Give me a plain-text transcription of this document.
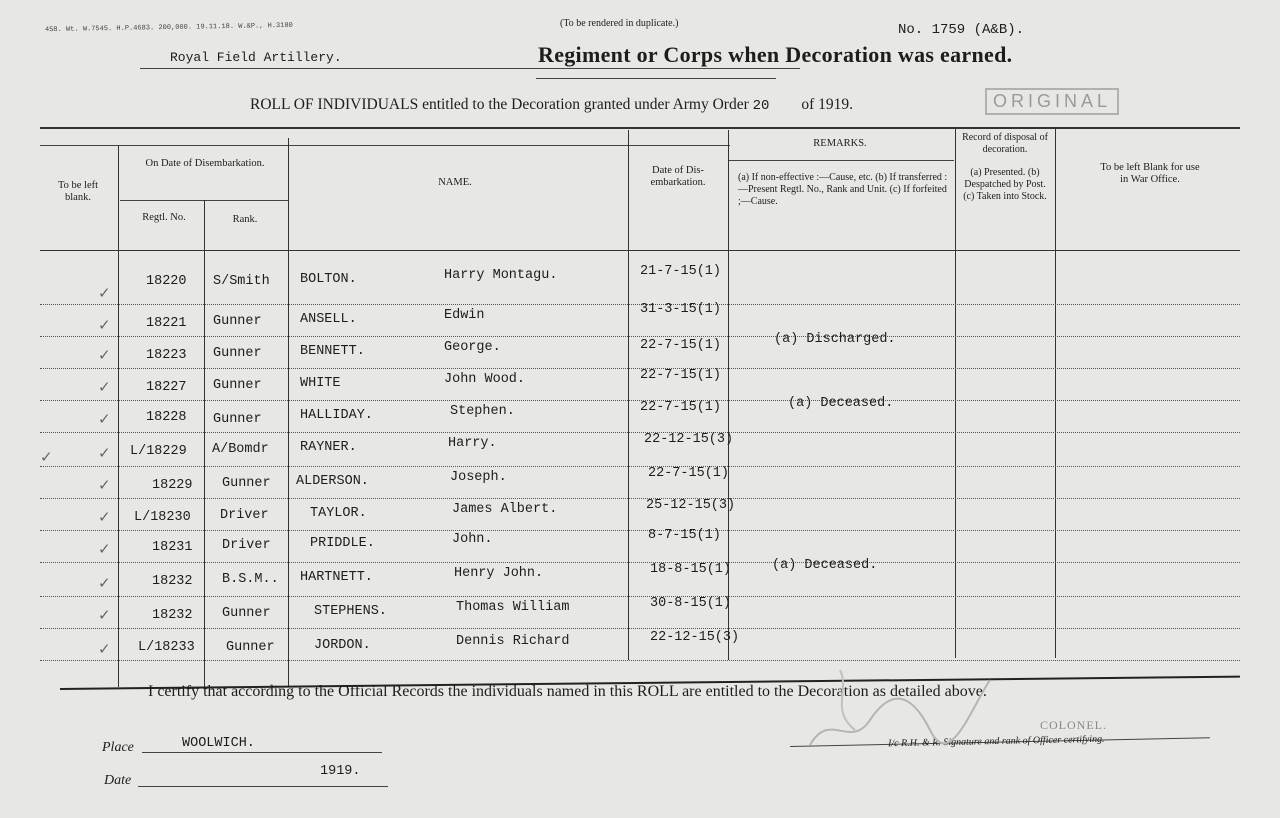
458. Wt. W.7545. H.P.4683. 200,000. 19.11.18. W.&P., H.3180	(To be rendered in duplicate.)	No. 1759 (A&B).
Royal Field Artillery.	Regiment or Corps when Decoration was earned.
ROLL OF INDIVIDUALS entitled to the Decoration granted under Army Order 20 of 1919.	ORIGINAL
To be left blank.
On Date of Disembarkation.
Regtl. No.	Rank.
NAME.
Date of Dis- embarkation.
REMARKS.
(a) If non-effective :—Cause, etc. (b) If transferred :—Present Regtl. No., Rank and Unit. (c) If forfeited ;—Cause.
Record of disposal of decoration.
(a) Presented. (b) Despatched by Post. (c) Taken into Stock.
To be left Blank for use in War Office.
✓
18220 S/Smith BOLTON.	Harry Montagu.	21-7-15(1)
✓	18221 Gunner	ANSELL.	Edwin	31-3-15(1)
✓	18223 Gunner	BENNETT.	George.	22-7-15(1)	(a) Discharged.
✓	18227 Gunner	WHITE	John Wood.	22-7-15(1)
✓	18228 Gunner	HALLIDAY.	Stephen.	22-7-15(1)	(a) Deceased.
✓
✓	L/18229 A/Bomdr RAYNER.	Harry.	22-12-15(3)
✓	18229 Gunner ALDERSON.	Joseph.	22-7-15(1)
✓ L/18230 Driver	TAYLOR.	James Albert.	25-12-15(3)
✓	18231 Driver	PRIDDLE.	John.	8-7-15(1)
✓	18232 B.S.M.. HARTNETT.	Henry John.	18-8-15(1)	(a) Deceased.
✓	18232 Gunner	STEPHENS.	Thomas William	30-8-15(1)
✓ L/18233 Gunner	JORDON.	Dennis Richard	22-12-15(3)
I certify that according to the Official Records the individuals named in this ROLL are entitled to the Decoration as detailed above.
Place	WOOLWICH.
Date
1919.
COLONEL.
I/c R.H. & R. Signature and rank of Officer certifying.
